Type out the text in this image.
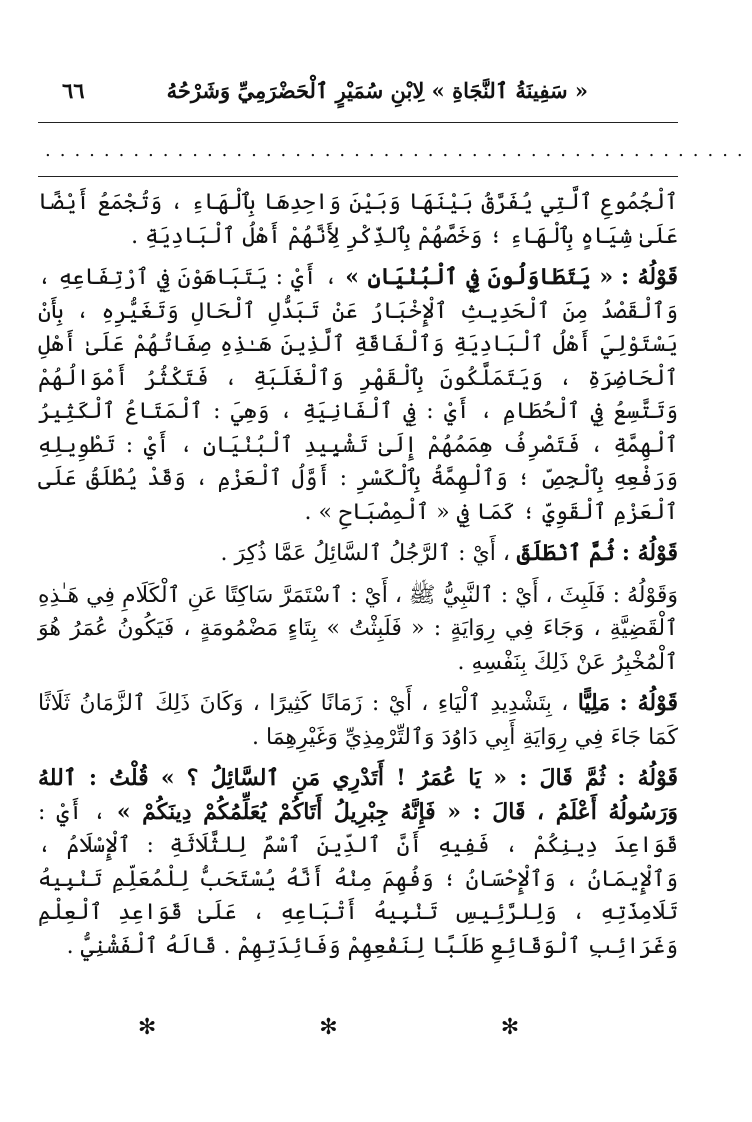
« سَفِينَةُ ٱلنَّجَاةِ » لِابْنِ سُمَيْرٍ ٱلْحَضْرَمِيِّ وَشَرْحُهُ
٦٦
................................................

ٱلْجُمُوعِ ٱلَّتِي يُفَرَّقُ بَيْنَهَا وَبَيْنَ وَاحِدِهَا بِٱلْهَاءِ ، وَتُجْمَعُ أَيْضًا عَلَىٰ شِيَاهٍ بِٱلْهَاءِ ؛ وَخَصَّهُمْ بِٱلذِّكْرِ لِأَنَّهُمْ أَهْلُ ٱلْبَادِيَةِ .

قَوْلُهُ : « يَتَطَاوَلُونَ فِي ٱلْبُنْيَانِ » ، أَيْ : يَتَبَاهَوْنَ فِي ٱرْتِفَاعِهِ ، وَٱلْقَصْدُ مِنَ ٱلْحَدِيثِ ٱلْإِخْبَارُ عَنْ تَبَدُّلِ ٱلْحَالِ وَتَغَيُّرِهِ ، بِأَنْ يَسْتَوْلِيَ أَهْلُ ٱلْبَادِيَةِ وَٱلْفَاقَةِ ٱلَّذِينَ هَـٰذِهِ صِفَاتُهُمْ عَلَىٰ أَهْلِ ٱلْحَاضِرَةِ ، وَيَتَمَلَّكُونَ بِٱلْقَهْرِ وَٱلْغَلَبَةِ ، فَتَكْثُرُ أَمْوَالُهُمْ وَتَتَّسِعُ فِي ٱلْحُطَامِ ، أَيْ : فِي ٱلْفَانِيَةِ ، وَهِيَ : ٱلْمَتَاعُ ٱلْكَثِيرُ ٱلْهِمَّةِ ، فَتَصْرِفُ هِمَمُهُمْ إِلَىٰ تَشْيِيدِ ٱلْبُنْيَانِ ، أَيْ : تَطْوِيلِهِ وَرَفْعِهِ بِٱلْجِصِّ ؛ وَٱلْهِمَّةُ بِٱلْكَسْرِ : أَوَّلُ ٱلْعَزْمِ ، وَقَدْ يُطْلَقُ عَلَى ٱلْعَزْمِ ٱلْقَوِيِّ ؛ كَمَا فِي « ٱلْمِصْبَاحِ » .

قَوْلُهُ : ثُمَّ ٱنْطَلَقَ ، أَيْ : ٱلرَّجُلُ ٱلسَّائِلُ عَمَّا ذُكِرَ .

وَقَوْلُهُ : فَلَبِثَ ، أَيْ : ٱلنَّبِيُّ ﷺ ، أَيْ : ٱسْتَمَرَّ سَاكِتًا عَنِ ٱلْكَلَامِ فِي هَـٰذِهِ ٱلْقَضِيَّةِ ، وَجَاءَ فِي رِوَايَةٍ : « فَلَبِثْتُ » بِتَاءٍ مَضْمُومَةٍ ، فَيَكُونُ عُمَرُ هُوَ ٱلْمُخْبِرُ عَنْ ذَلِكَ بِنَفْسِهِ .

قَوْلُهُ : مَلِيًّا ، بِتَشْدِيدِ ٱلْيَاءِ ، أَيْ : زَمَانًا كَثِيرًا ، وَكَانَ ذَلِكَ ٱلزَّمَانُ ثَلَاثًا كَمَا جَاءَ فِي رِوَايَةِ أَبِي دَاوُدَ وَٱلتِّرْمِذِيِّ وَغَيْرِهِمَا .

قَوْلُهُ : ثُمَّ قَالَ : « يَا عُمَرُ ! أَتَدْرِي مَنِ ٱلسَّائِلُ ؟ » قُلْتُ : ٱللهُ وَرَسُولُهُ أَعْلَمُ ، قَالَ : « فَإِنَّهُ جِبْرِيلُ أَتَاكُمْ يُعَلِّمُكُمْ دِينَكُمْ » ، أَيْ : قَوَاعِدَ دِينِكُمْ ، فَفِيهِ أَنَّ ٱلدِّينَ ٱسْمٌ لِلثَّلَاثَةِ : ٱلْإِسْلَامُ ، وَٱلْإِيمَانُ ، وَٱلْإِحْسَانُ ؛ وَفُهِمَ مِنْهُ أَنَّهُ يُسْتَحَبُّ لِلْمُعَلِّمِ تَنْبِيهُ تَلَامِذَتِهِ ، وَلِلرَّئِيسِ تَنْبِيهُ أَتْبَاعِهِ ، عَلَىٰ قَوَاعِدِ ٱلْعِلْمِ وَغَرَائِبِ ٱلْوَقَائِعِ طَلَبًا لِنَفْعِهِمْ وَفَائِدَتِهِمْ . قَالَهُ ٱلْفَشْنِيُّ .

✻	✻	✻
